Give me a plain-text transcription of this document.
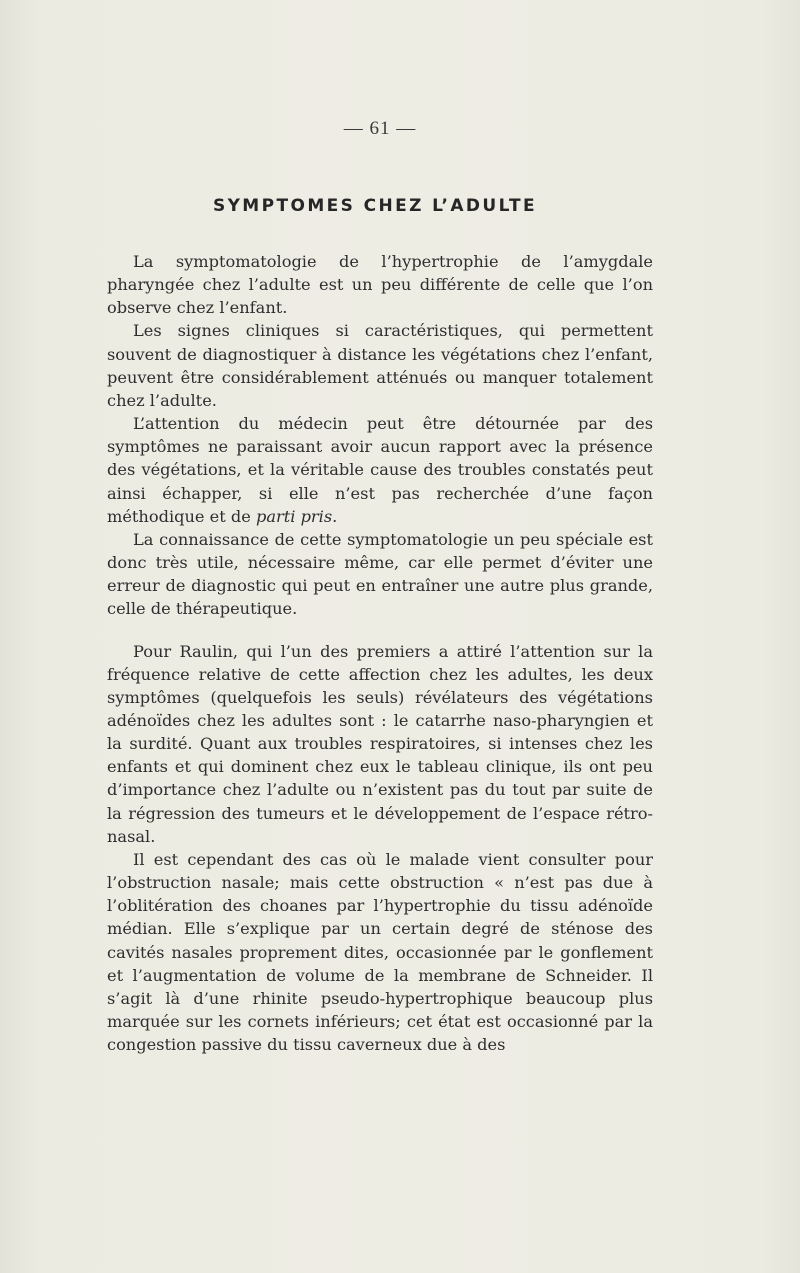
— 61 —
SYMPTOMES CHEZ L’ADULTE

La symptomatologie de l’hypertrophie de l’amygdale pharyngée chez l’adulte est un peu différente de celle que l’on observe chez l’enfant.

Les signes cliniques si caractéristiques, qui permettent souvent de diagnostiquer à distance les végétations chez l’enfant, peuvent être considérablement atténués ou manquer totalement chez l’adulte.

L’attention du médecin peut être détournée par des symptômes ne paraissant avoir aucun rapport avec la présence des végétations, et la véritable cause des troubles constatés peut ainsi échapper, si elle n’est pas recherchée d’une façon méthodique et de parti pris.

La connaissance de cette symptomatologie un peu spéciale est donc très utile, nécessaire même, car elle permet d’éviter une erreur de diagnostic qui peut en entraîner une autre plus grande, celle de thérapeutique.

Pour Raulin, qui l’un des premiers a attiré l’attention sur la fréquence relative de cette affection chez les adultes, les deux symptômes (quelquefois les seuls) révélateurs des végétations adénoïdes chez les adultes sont : le catarrhe naso-pharyngien et la surdité. Quant aux troubles respiratoires, si intenses chez les enfants et qui dominent chez eux le tableau clinique, ils ont peu d’importance chez l’adulte ou n’existent pas du tout par suite de la régression des tumeurs et le développement de l’espace rétro-nasal.

Il est cependant des cas où le malade vient consulter pour l’obstruction nasale; mais cette obstruction « n’est pas due à l’oblitération des choanes par l’hypertrophie du tissu adénoïde médian. Elle s’explique par un certain degré de sténose des cavités nasales proprement dites, occasionnée par le gonflement et l’augmentation de volume de la membrane de Schneider. Il s’agit là d’une rhinite pseudo-hypertrophique beaucoup plus marquée sur les cornets inférieurs; cet état est occasionné par la congestion passive du tissu caverneux due à des
